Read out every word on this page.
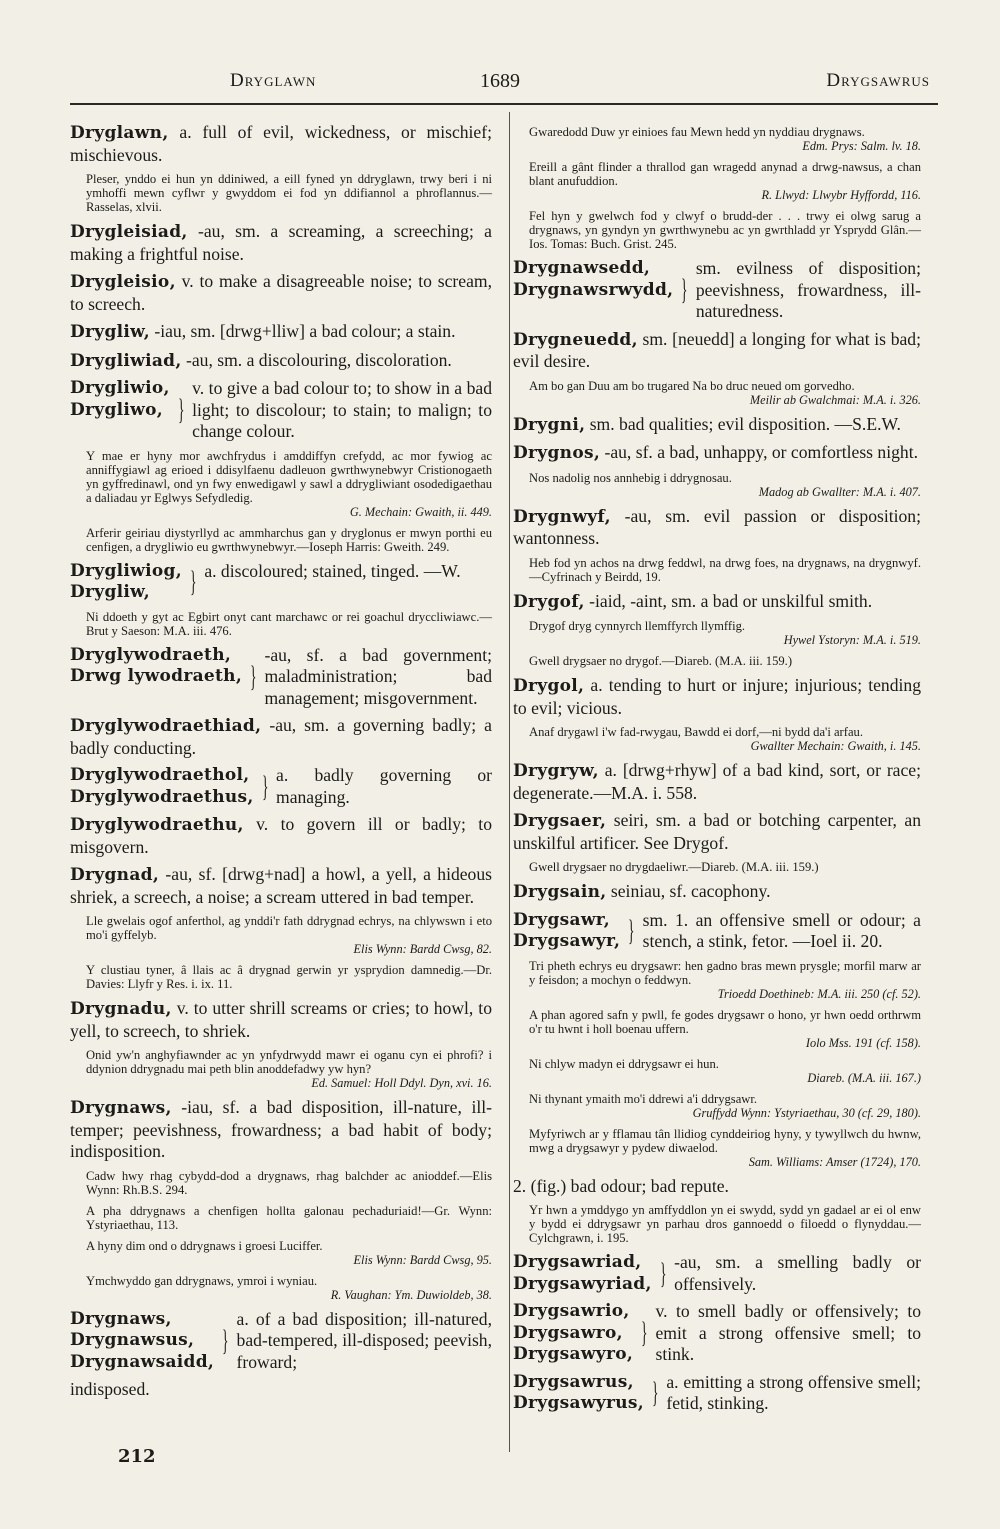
Dryglawn	1689	Drygsawrus
Dryglawn, a. full of evil, wickedness, or mischief; mischievous.
Pleser, ynddo ei hun yn ddiniwed, a eill fyned yn ddryglawn, trwy beri i ni ymhoffi mewn cyflwr y gwyddom ei fod yn ddifiannol a phroflannus.—Rasselas, xlvii.
Drygleisiad, -au, sm. a screaming, a screeching; a making a frightful noise.
Drygleisio, v. to make a disagreeable noise; to scream, to screech.
Drygliw, -iau, sm. [drwg+lliw] a bad colour; a stain.
Drygliwiad, -au, sm. a discolouring, discoloration.
Drygliwio,
Drygliwo, }
v. to give a bad colour to; to show in a bad light; to discolour; to stain; to malign; to change colour.
Y mae er hyny mor awchfrydus i amddiffyn crefydd, ac mor fywiog ac anniffygiawl ag erioed i ddisylfaenu dadleuon gwrthwynebwyr Cristionogaeth yn gyffredinawl, ond yn fwy enwedigawl y sawl a ddrygliwiant osodedigaethau a daliadau yr Eglwys Sefydledig.
G. Mechain: Gwaith, ii. 449.
Arferir geiriau diystyrllyd ac ammharchus gan y dryglonus er mwyn porthi eu cenfigen, a drygliwio eu gwrthwynebwyr.—Ioseph Harris: Gweith. 249.
Drygliwiog,
Drygliw,	} a. discoloured; stained, tinged. —W.
Ni ddoeth y gyt ac Egbirt onyt cant marchawc or rei goachul dryccliwiawc.—Brut y Saeson: M.A. iii. 476.
Dryglywodraeth,
Drwg lywodraeth, }
-au, sf. a bad government; maladministration; bad management; misgovernment.
Dryglywodraethiad, -au, sm. a governing badly; a badly conducting.
Dryglywodraethol,
Dryglywodraethus, } a. badly governing or managing.
Dryglywodraethu, v. to govern ill or badly; to misgovern.
Drygnad, -au, sf. [drwg+nad] a howl, a yell, a hideous shriek, a screech, a noise; a scream uttered in bad temper.
Lle gwelais ogof anferthol, ag ynddi'r fath ddrygnad echrys, na chlywswn i eto mo'i gyffelyb.
Elis Wynn: Bardd Cwsg, 82.
Y clustiau tyner, â llais ac â drygnad gerwin yr ysprydion damnedig.—Dr. Davies: Llyfr y Res. i. ix. 11.
Drygnadu, v. to utter shrill screams or cries; to howl, to yell, to screech, to shriek.
Onid yw'n anghyfiawnder ac yn ynfydrwydd mawr ei oganu cyn ei phrofi? i ddynion ddrygnadu mai peth blin anoddefadwy yw hyn?
Ed. Samuel: Holl Ddyl. Dyn, xvi. 16.
Drygnaws, -iau, sf. a bad disposition, ill-nature, ill-temper; peevishness, frowardness; a bad habit of body; indisposition.
Cadw hwy rhag cybydd-dod a drygnaws, rhag balchder ac anioddef.—Elis Wynn: Rh.B.S. 294.
A pha ddrygnaws a chenfigen hollta galonau pechaduriaid!—Gr. Wynn: Ystyriaethau, 113.
A hyny dim ond o ddrygnaws i groesi Luciffer.
Elis Wynn: Bardd Cwsg, 95.
Ymchwyddo gan ddrygnaws, ymroi i wyniau.
R. Vaughan: Ym. Duwioldeb, 38.
Drygnaws,
Drygnawsus,
Drygnawsaidd,
}
a. of a bad disposition; ill-natured, bad-tempered, ill-disposed; peevish, froward;
indisposed.
Gwaredodd Duw yr einioes fau Mewn hedd yn nyddiau drygnaws.
Edm. Prys: Salm. lv. 18.
Ereill a gânt flinder a thrallod gan wragedd anynad a drwg-nawsus, a chan blant anufuddion.
R. Llwyd: Llwybr Hyffordd, 116.
Fel hyn y gwelwch fod y clwyf o brudd-der . . . trwy ei olwg sarug a drygnaws, yn gyndyn yn gwrthwynebu ac yn gwrthladd yr Ysprydd Glân.—Ios. Tomas: Buch. Grist. 245.
Drygnawsedd,
Drygnawsrwydd, }
sm. evilness of disposition; peevishness, frowardness, ill-naturedness.
Drygneuedd, sm. [neuedd] a longing for what is bad; evil desire.
Am bo gan Duu am bo trugared Na bo druc neued om gorvedho.
Meilir ab Gwalchmai: M.A. i. 326.
Drygni, sm. bad qualities; evil disposition. —S.E.W.
Drygnos, -au, sf. a bad, unhappy, or comfortless night.
Nos nadolig nos annhebig i ddrygnosau.
Madog ab Gwallter: M.A. i. 407.
Drygnwyf, -au, sm. evil passion or disposition; wantonness.
Heb fod yn achos na drwg feddwl, na drwg foes, na drygnaws, na drygnwyf.—Cyfrinach y Beirdd, 19.
Drygof, -iaid, -aint, sm. a bad or unskilful smith.
Drygof dryg cynnyrch llemffyrch llymffig.
Hywel Ystoryn: M.A. i. 519.
Gwell drygsaer no drygof.—Diareb. (M.A. iii. 159.)
Drygol, a. tending to hurt or injure; injurious; tending to evil; vicious.
Anaf drygawl i'w fad-rwygau, Bawdd ei dorf,—ni bydd da'i arfau.
Gwallter Mechain: Gwaith, i. 145.
Drygryw, a. [drwg+rhyw] of a bad kind, sort, or race; degenerate.—M.A. i. 558.
Drygsaer, seiri, sm. a bad or botching carpenter, an unskilful artificer. See Drygof.
Gwell drygsaer no drygdaeliwr.—Diareb. (M.A. iii. 159.)
Drygsain, seiniau, sf. cacophony.
Drygsawr,
Drygsawyr, } sm. 1. an offensive smell or odour; a stench, a stink, fetor. —Ioel ii. 20.
Tri pheth echrys eu drygsawr: hen gadno bras mewn prysgle; morfil marw ar y feisdon; a mochyn o feddwyn.
Trioedd Doethineb: M.A. iii. 250 (cf. 52).
A phan agored safn y pwll, fe godes drygsawr o hono, yr hwn oedd orthrwm o'r tu hwnt i holl boenau uffern.
Iolo Mss. 191 (cf. 158).
Ni chlyw madyn ei ddrygsawr ei hun.
Diareb. (M.A. iii. 167.)
Ni thynant ymaith mo'i ddrewi a'i ddrygsawr.
Gruffydd Wynn: Ystyriaethau, 30 (cf. 29, 180).
Myfyriwch ar y fflamau tân llidiog cynddeiriog hyny, y tywyllwch du hwnw, mwg a drygsawyr y pydew diwaelod.
Sam. Williams: Amser (1724), 170.
2. (fig.) bad odour; bad repute.
Yr hwn a ymddygo yn amffyddlon yn ei swydd, sydd yn gadael ar ei ol enw y bydd ei ddrygsawr yn parhau dros gannoedd o filoedd o flynyddau.—Cylchgrawn, i. 195.
Drygsawriad,
Drygsawyriad, } -au, sm. a smelling badly or offensively.
Drygsawrio,
Drygsawro,
Drygsawyro,
}
v. to smell badly or offensively; to emit a strong offensive smell; to stink.
Drygsawrus,
Drygsawyrus, } a. emitting a strong offensive smell; fetid, stinking.
212
